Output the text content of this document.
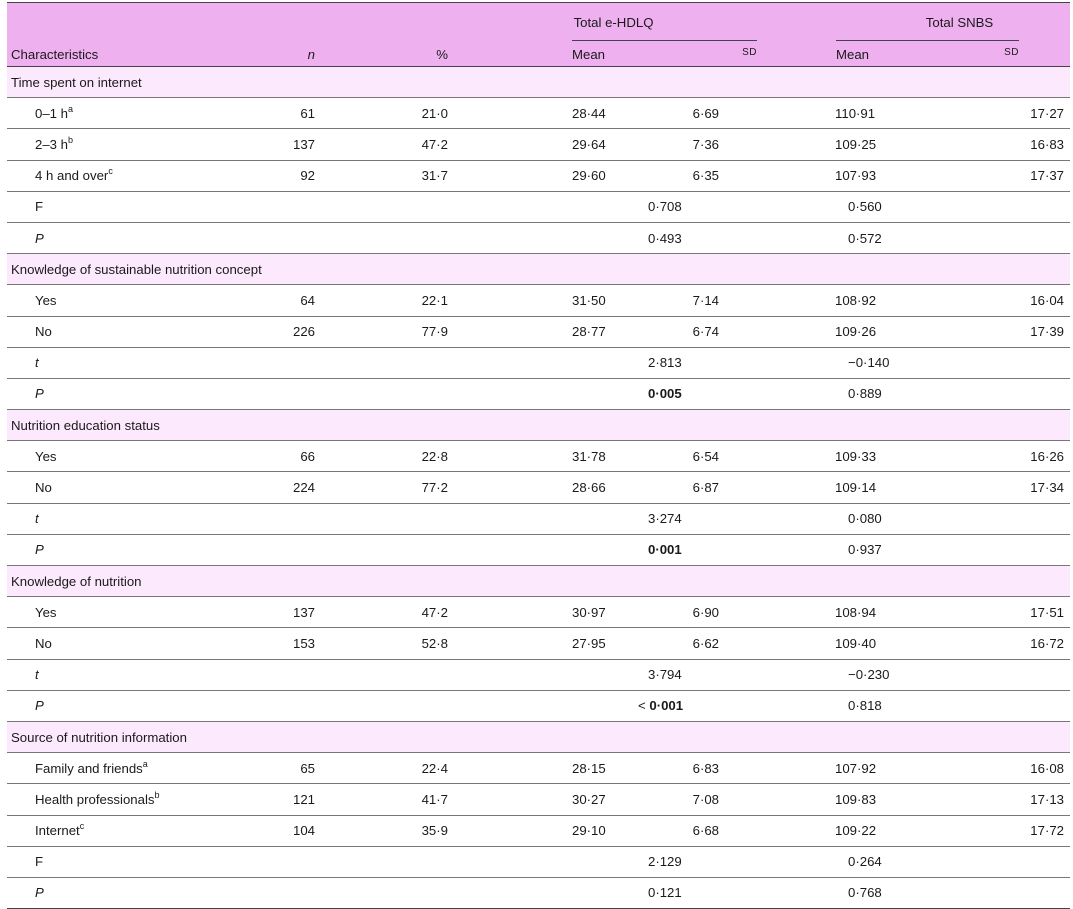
			Total e-HDLQ		Total SNBS	
Characteristics	n	%	Mean SD		Mean SD	

Time spent on internet						
0–1 $h^a$	61	21·0	28·44	6·69		110·91 17·27

2–3 $h^b$	137	47·2	29·64	7·36		109·25 16·83

4 h and over$^c$	92	31·7	29·60	6·35		107·93 17·37

F			0·708		0·560	
P			0·493		0·572	
Knowledge of sustainable nutrition concept						
Yes	64	22·1	31·50	7·14		108·92 16·04

No	226	77·9	28·77	6·74		109·26 17·39

t			2·813		−0·140	
P			0·005		0·889	
Nutrition education status						
Yes	66	22·8	31·78	6·54		109·33 16·26

No	224	77·2	28·66	6·87		109·14 17·34

t			3·274		0·080	
P			0·001		0·937	
Knowledge of nutrition						
Yes	137	47·2	30·97	6·90		108·94 17·51

No	153	52·8	27·95	6·62		109·40 16·72

t			3·794		−0·230	
P			< 0·001		0·818	
Source of nutrition information						
Family and friends$^a$	65	22·4	28·15	6·83		107·92 16·08

Health professionals$^b$	121	41·7	30·27	7·08		109·83 17·13

Internet$^c$	104	35·9	29·10	6·68		109·22 17·72

F			2·129		0·264	
P			0·121		0·768	
